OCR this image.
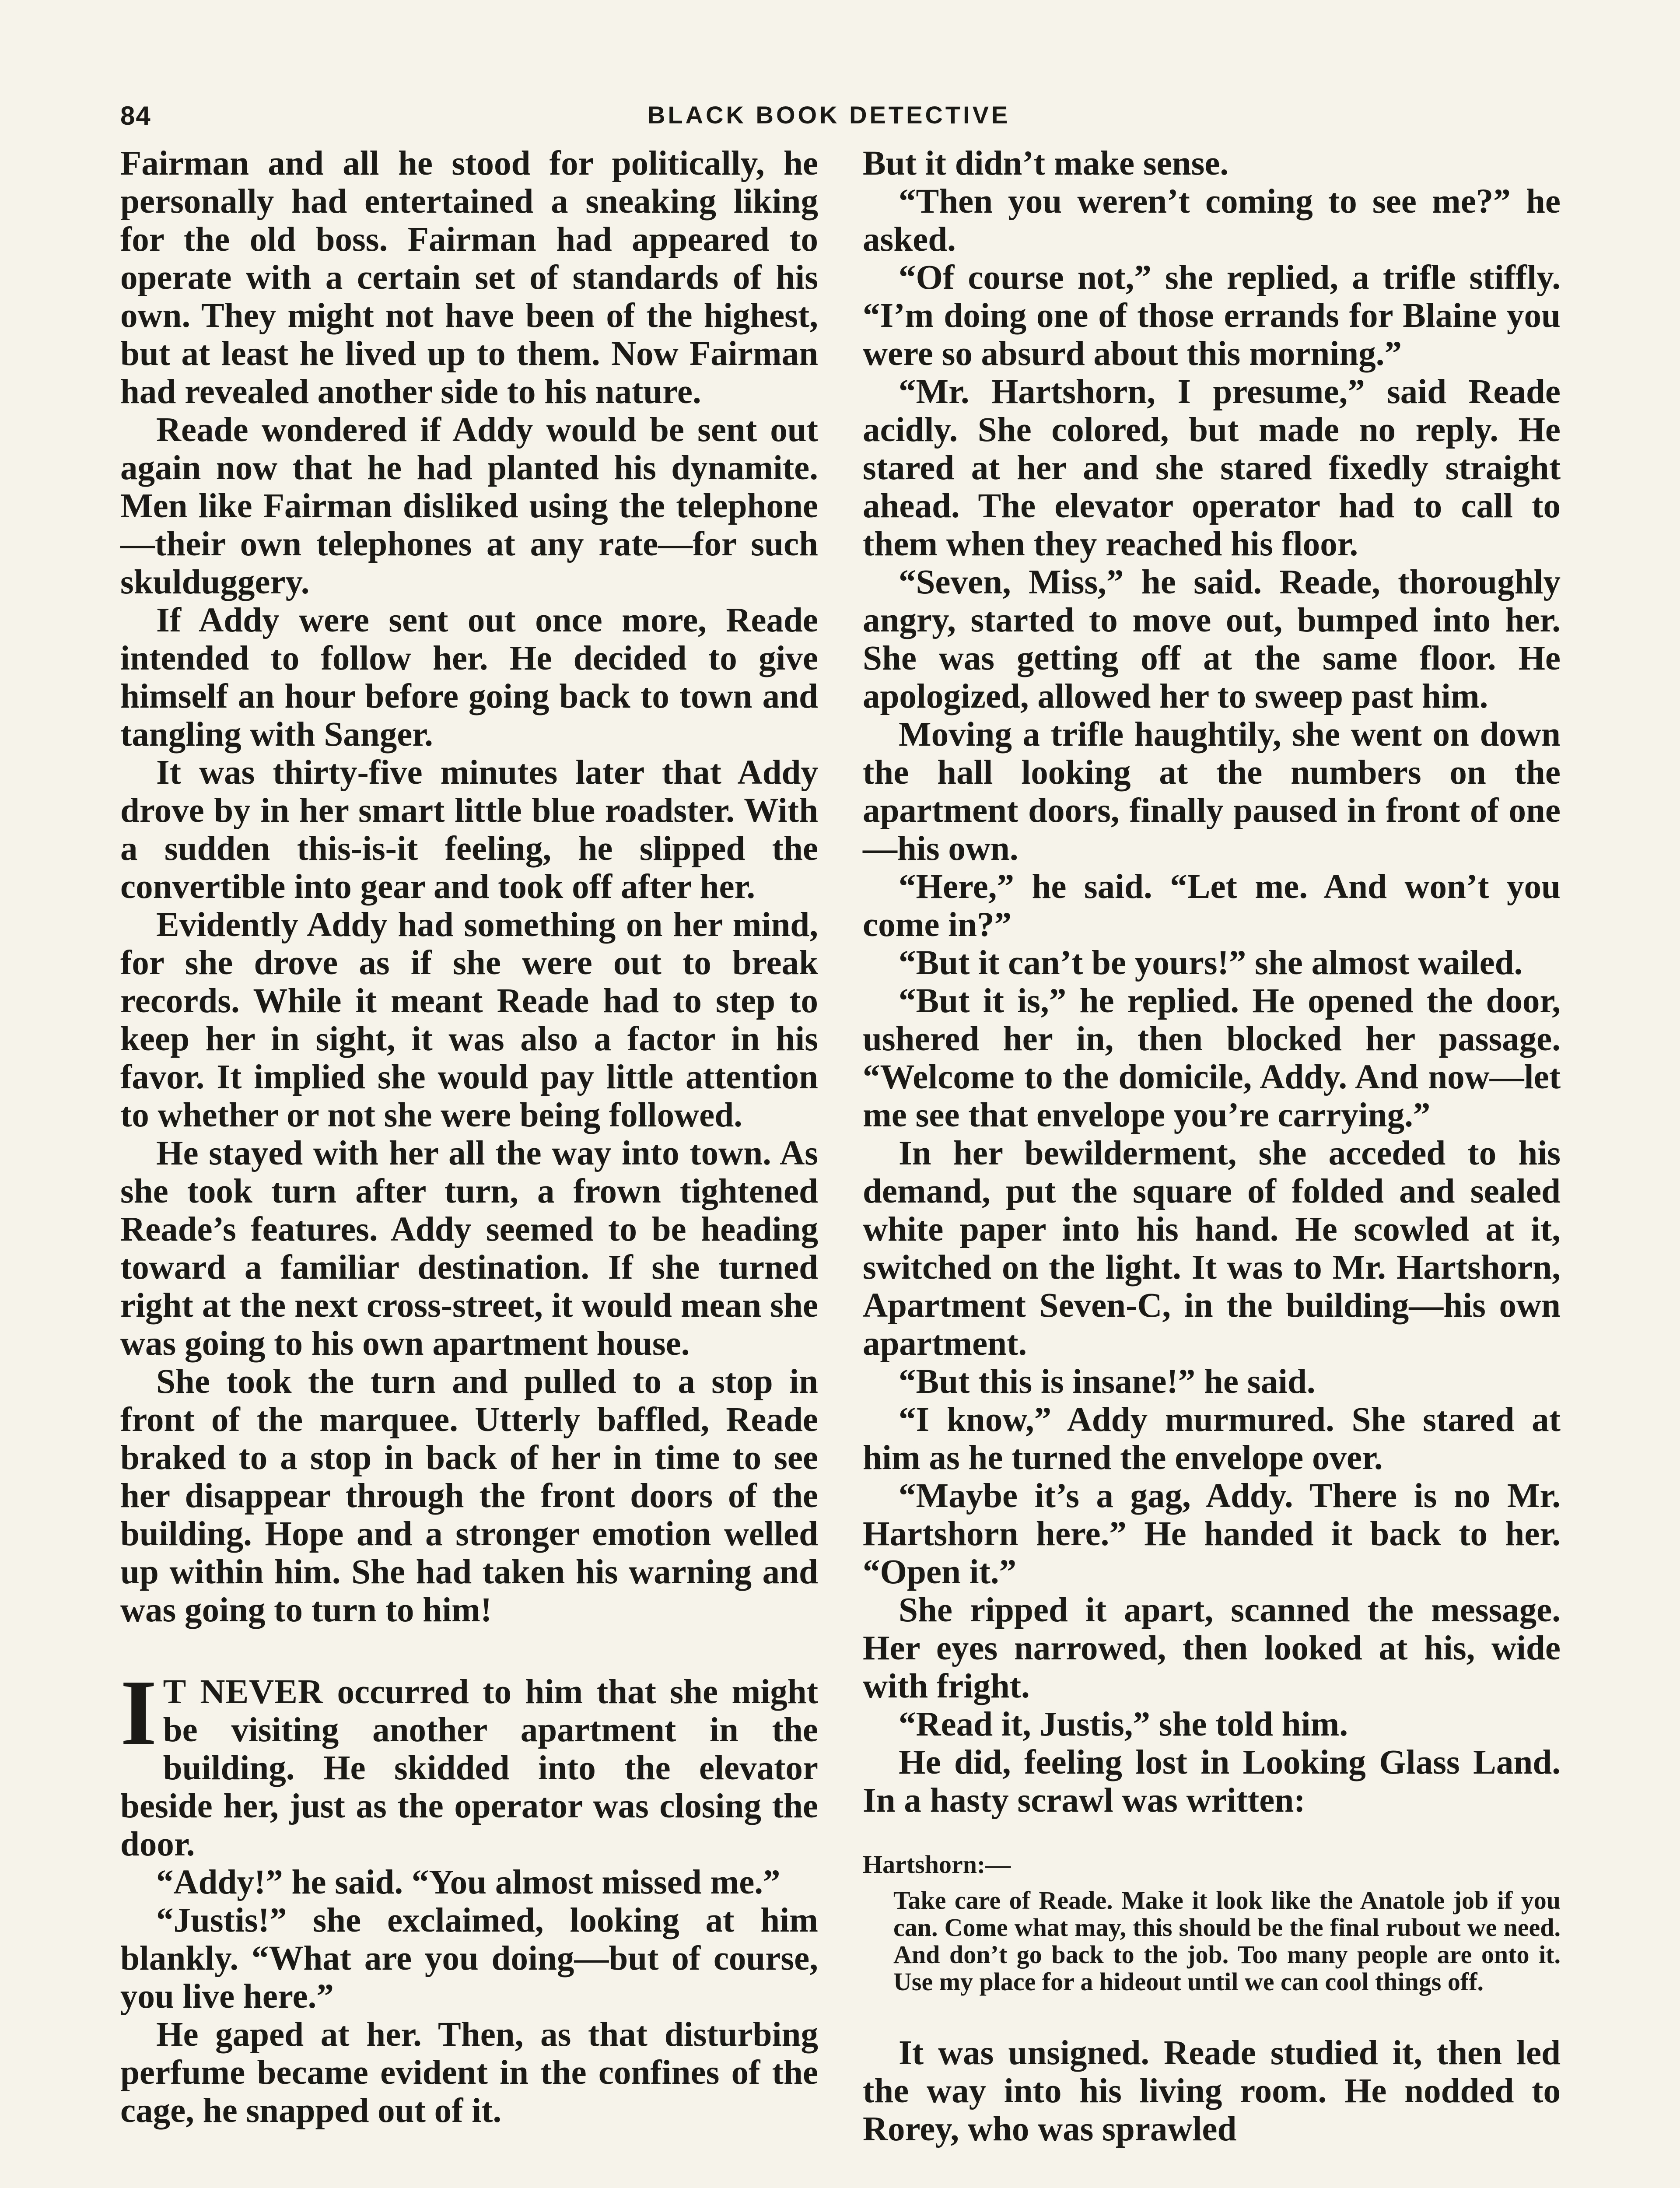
84	BLACK BOOK DETECTIVE

Fairman and all he stood for politically, he personally had entertained a sneaking liking for the old boss. Fairman had appeared to operate with a certain set of standards of his own. They might not have been of the highest, but at least he lived up to them. Now Fairman had revealed another side to his nature.

Reade wondered if Addy would be sent out again now that he had planted his dynamite. Men like Fairman disliked using the telephone—their own telephones at any rate—for such skulduggery.

If Addy were sent out once more, Reade intended to follow her. He decided to give himself an hour before going back to town and tangling with Sanger.

It was thirty-five minutes later that Addy drove by in her smart little blue roadster. With a sudden this-is-it feeling, he slipped the convertible into gear and took off after her.

Evidently Addy had something on her mind, for she drove as if she were out to break records. While it meant Reade had to step to keep her in sight, it was also a factor in his favor. It implied she would pay little attention to whether or not she were being followed.

He stayed with her all the way into town. As she took turn after turn, a frown tightened Reade’s features. Addy seemed to be heading toward a familiar destination. If she turned right at the next cross-street, it would mean she was going to his own apartment house.

She took the turn and pulled to a stop in front of the marquee. Utterly baffled, Reade braked to a stop in back of her in time to see her disappear through the front doors of the building. Hope and a stronger emotion welled up within him. She had taken his warning and was going to turn to him!

I T NEVER occurred to him that she might be visiting another apartment in the building. He skidded into the elevator beside her, just as the operator was closing the door.

“Addy!” he said. “You almost missed me.”

“Justis!” she exclaimed, looking at him blankly. “What are you doing—but of course, you live here.”

He gaped at her. Then, as that disturbing perfume became evident in the confines of the cage, he snapped out of it.

But it didn’t make sense.

“Then you weren’t coming to see me?” he asked.

“Of course not,” she replied, a trifle stiffly. “I’m doing one of those errands for Blaine you were so absurd about this morning.”

“Mr. Hartshorn, I presume,” said Reade acidly. She colored, but made no reply. He stared at her and she stared fixedly straight ahead. The elevator operator had to call to them when they reached his floor.

“Seven, Miss,” he said. Reade, thoroughly angry, started to move out, bumped into her. She was getting off at the same floor. He apologized, allowed her to sweep past him.

Moving a trifle haughtily, she went on down the hall looking at the numbers on the apartment doors, finally paused in front of one—his own.

“Here,” he said. “Let me. And won’t you come in?”

“But it can’t be yours!” she almost wailed.

“But it is,” he replied. He opened the door, ushered her in, then blocked her passage. “Welcome to the domicile, Addy. And now—let me see that envelope you’re carrying.”

In her bewilderment, she acceded to his demand, put the square of folded and sealed white paper into his hand. He scowled at it, switched on the light. It was to Mr. Hartshorn, Apartment Seven-C, in the building—his own apartment.

“But this is insane!” he said.

“I know,” Addy murmured. She stared at him as he turned the envelope over.

“Maybe it’s a gag, Addy. There is no Mr. Hartshorn here.” He handed it back to her. “Open it.”

She ripped it apart, scanned the message. Her eyes narrowed, then looked at his, wide with fright.

“Read it, Justis,” she told him.

He did, feeling lost in Looking Glass Land. In a hasty scrawl was written:

Hartshorn:—

Take care of Reade. Make it look like the Anatole job if you can. Come what may, this should be the final rubout we need. And don’t go back to the job. Too many people are onto it. Use my place for a hideout until we can cool things off.

It was unsigned. Reade studied it, then led the way into his living room. He nodded to Rorey, who was sprawled
